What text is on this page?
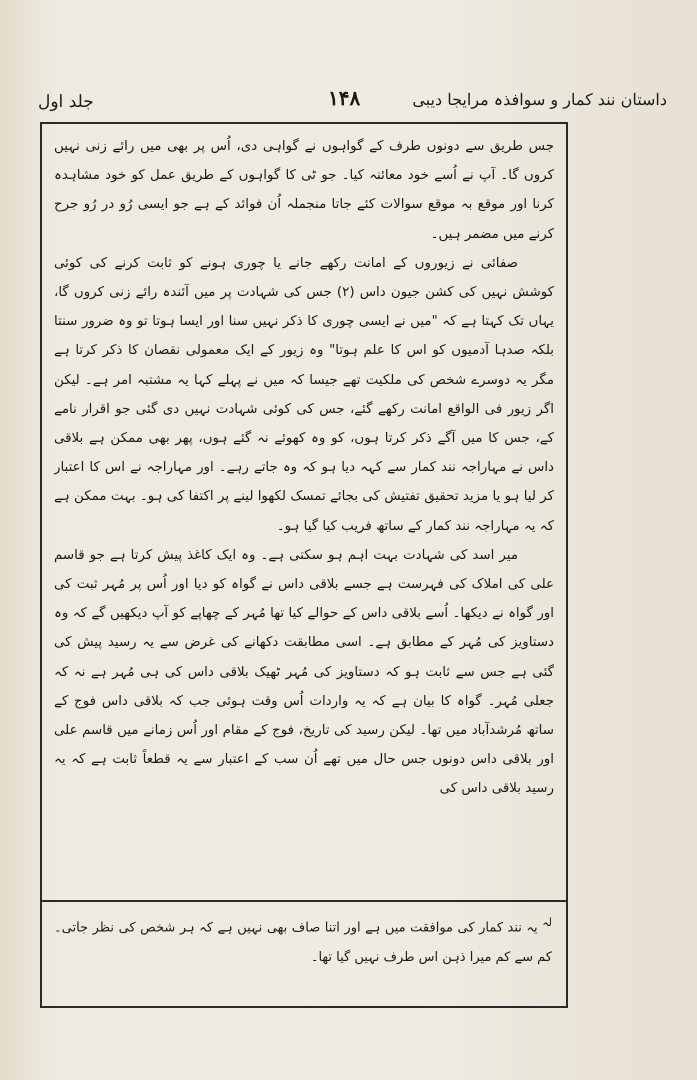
جلد اول	۱۴۸	داستان نند کمار و سوافذہ مرایجا دیبی

جس طریق سے دونوں طرف کے گواہوں نے گواہی دی، اُس پر بھی میں رائے زنی نہیں کروں گا۔ آپ نے اُسے خود معائنہ کیا۔ جو ٹی کا گواہوں کے طریق عمل کو خود مشاہدہ کرنا اور موقع بہ موقع سوالات کئے جاتا منجملہ اُن فوائد کے ہے جو ایسی رُو در رُو جرح کرنے میں مضمر ہیں۔

صفائی نے زیوروں کے امانت رکھے جانے یا چوری ہونے کو ثابت کرنے کی کوئی کوشش نہیں کی کشن جیون داس (۲) جس کی شہادت پر میں آئندہ رائے زنی کروں گا، یہاں تک کہتا ہے کہ "میں نے ایسی چوری کا ذکر نہیں سنا اور ایسا ہوتا تو وہ ضرور سنتا بلکہ صدہا آدمیوں کو اس کا علم ہوتا" وہ زیور کے ایک معمولی نقصان کا ذکر کرتا ہے مگر یہ دوسرے شخص کی ملکیت تھے جیسا کہ میں نے پہلے کہا یہ مشتبہ امر ہے۔ لیکن اگر زیور فی الواقع امانت رکھے گئے، جس کی کوئی شہادت نہیں دی گئی جو اقرار نامے کے، جس کا میں آگے ذکر کرتا ہوں، کو وہ کھوئے نہ گئے ہوں، پھر بھی ممکن ہے بلاقی داس نے مہاراجہ نند کمار سے کہہ دیا ہو کہ وہ جاتے رہے۔ اور مہاراجہ نے اس کا اعتبار کر لیا ہو یا مزید تحقیق تفتیش کی بجائے تمسک لکھوا لینے پر اکتفا کی ہو۔ بہت ممکن ہے کہ یہ مہاراجہ نند کمار کے ساتھ فریب کیا گیا ہو۔

میر اسد کی شہادت بہت اہم ہو سکتی ہے۔ وہ ایک کاغذ پیش کرتا ہے جو قاسم علی کی املاک کی فہرست ہے جسے بلاقی داس نے گواہ کو دیا اور اُس پر مُہر ثبت کی اور گواہ نے دیکھا۔ اُسے بلاقی داس کے حوالے کیا تھا مُہر کے چھاپے کو آپ دیکھیں گے کہ وہ دستاویز کی مُہر کے مطابق ہے۔ اسی مطابقت دکھانے کی غرض سے یہ رسید پیش کی گئی ہے جس سے ثابت ہو کہ دستاویز کی مُہر ٹھیک بلاقی داس کی ہی مُہر ہے نہ کہ جعلی مُہر۔ گواہ کا بیان ہے کہ یہ واردات اُس وقت ہوئی جب کہ بلاقی داس فوج کے ساتھ مُرشدآباد میں تھا۔ لیکن رسید کی تاریخ، فوج کے مقام اور اُس زمانے میں قاسم علی اور بلاقی داس دونوں جس حال میں تھے اُن سب کے اعتبار سے یہ قطعاً ثابت ہے کہ یہ رسید بلاقی داس کی

$^{لہ}$ یہ نند کمار کی موافقت میں ہے اور اتنا صاف بھی نہیں ہے کہ ہر شخص کی نظر جاتی۔ کم سے کم میرا ذہن اس طرف نہیں گیا تھا۔
